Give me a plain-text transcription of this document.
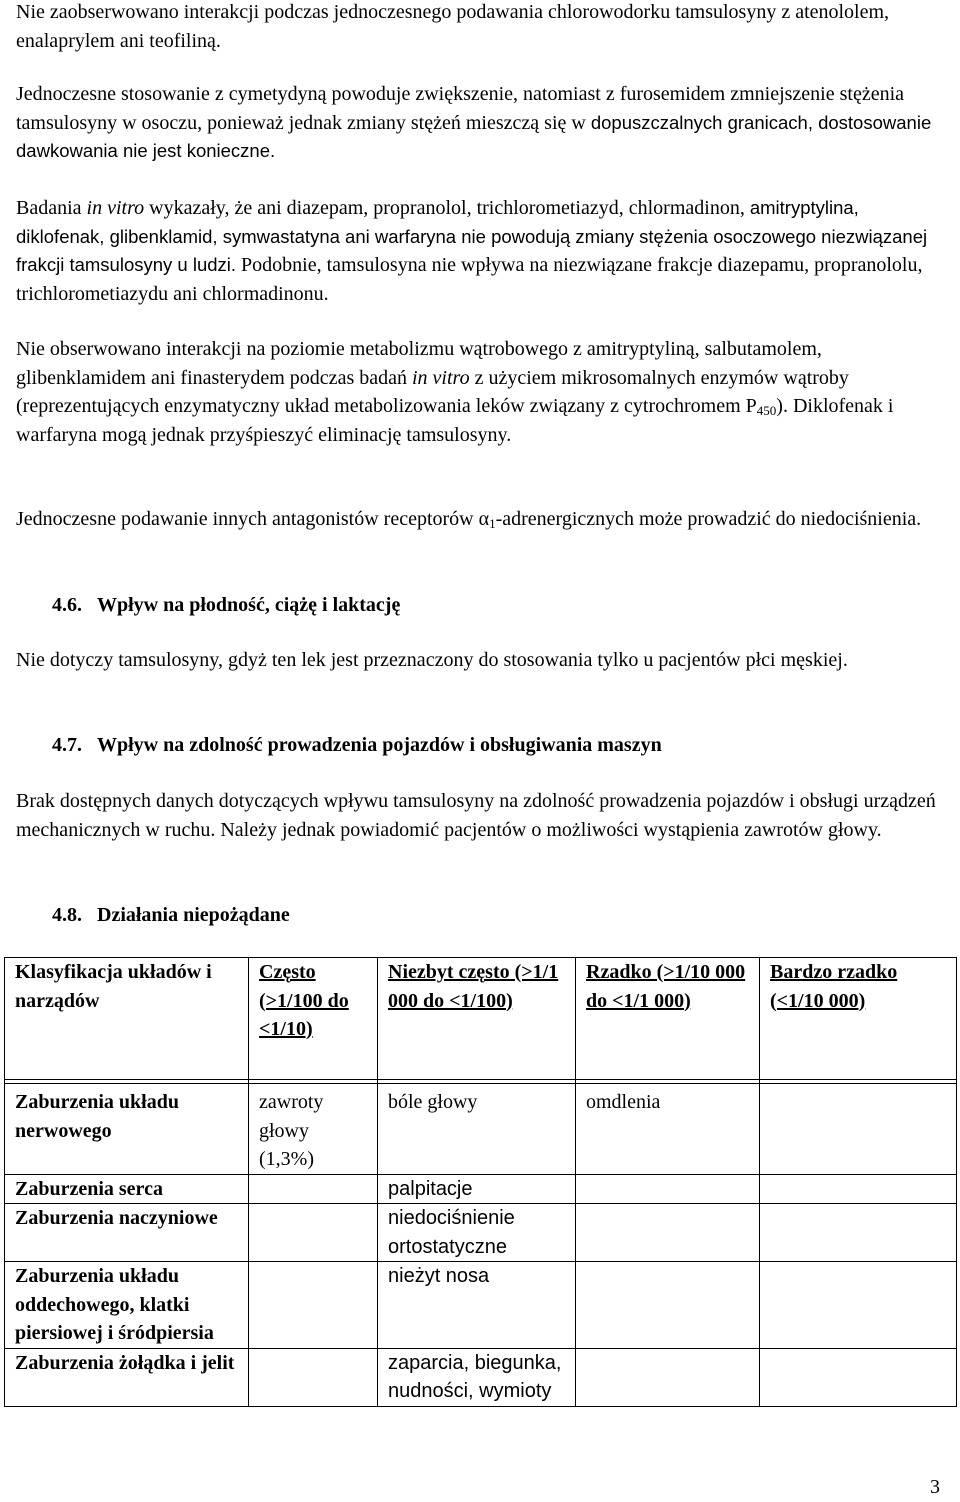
Nie zaobserwowano interakcji podczas jednoczesnego podawania chlorowodorku tamsulosyny z atenololem, enalaprylem ani teofiliną.

Jednoczesne stosowanie z cymetydyną powoduje zwiększenie, natomiast z furosemidem zmniejszenie stężenia tamsulosyny w osoczu, ponieważ jednak zmiany stężeń mieszczą się w dopuszczalnych granicach, dostosowanie dawkowania nie jest konieczne.

Badania in vitro wykazały, że ani diazepam, propranolol, trichlorometiazyd, chlormadinon, amitryptylina, diklofenak, glibenklamid, symwastatyna ani warfaryna nie powodują zmiany stężenia osoczowego niezwiązanej frakcji tamsulosyny u ludzi. Podobnie, tamsulosyna nie wpływa na niezwiązane frakcje diazepamu, propranololu, trichlorometiazydu ani chlormadinonu.

Nie obserwowano interakcji na poziomie metabolizmu wątrobowego z amitryptyliną, salbutamolem, glibenklamidem ani finasterydem podczas badań in vitro z użyciem mikrosomalnych enzymów wątroby (reprezentujących enzymatyczny układ metabolizowania leków związany z cytrochromem $P_{450}$). Diklofenak i warfaryna mogą jednak przyśpieszyć eliminację tamsulosyny.

Jednoczesne podawanie innych antagonistów receptorów $\alpha_1$-adrenergicznych może prowadzić do niedociśnienia.

4.6. Wpływ na płodność, ciążę i laktację

Nie dotyczy tamsulosyny, gdyż ten lek jest przeznaczony do stosowania tylko u pacjentów płci męskiej.

4.7. Wpływ na zdolność prowadzenia pojazdów i obsługiwania maszyn

Brak dostępnych danych dotyczących wpływu tamsulosyny na zdolność prowadzenia pojazdów i obsługi urządzeń mechanicznych w ruchu. Należy jednak powiadomić pacjentów o możliwości wystąpienia zawrotów głowy.

4.8. Działania niepożądane
Klasyfikacja układów i narządów	Często (>1/100 do <1/10)	Niezbyt często (>1/1 000 do <1/100)	Rzadko (>1/10 000 do <1/1 000)	Bardzo rzadko (<1/10 000)

Zaburzenia układu nerwowego	zawroty głowy (1,3%)	bóle głowy	omdlenia	
Zaburzenia serca		palpitacje		
Zaburzenia naczyniowe		niedociśnienie ortostatyczne		
Zaburzenia układu oddechowego, klatki piersiowej i śródpiersia		nieżyt nosa		
Zaburzenia żołądka i jelit		zaparcia, biegunka, nudności, wymioty		
3
